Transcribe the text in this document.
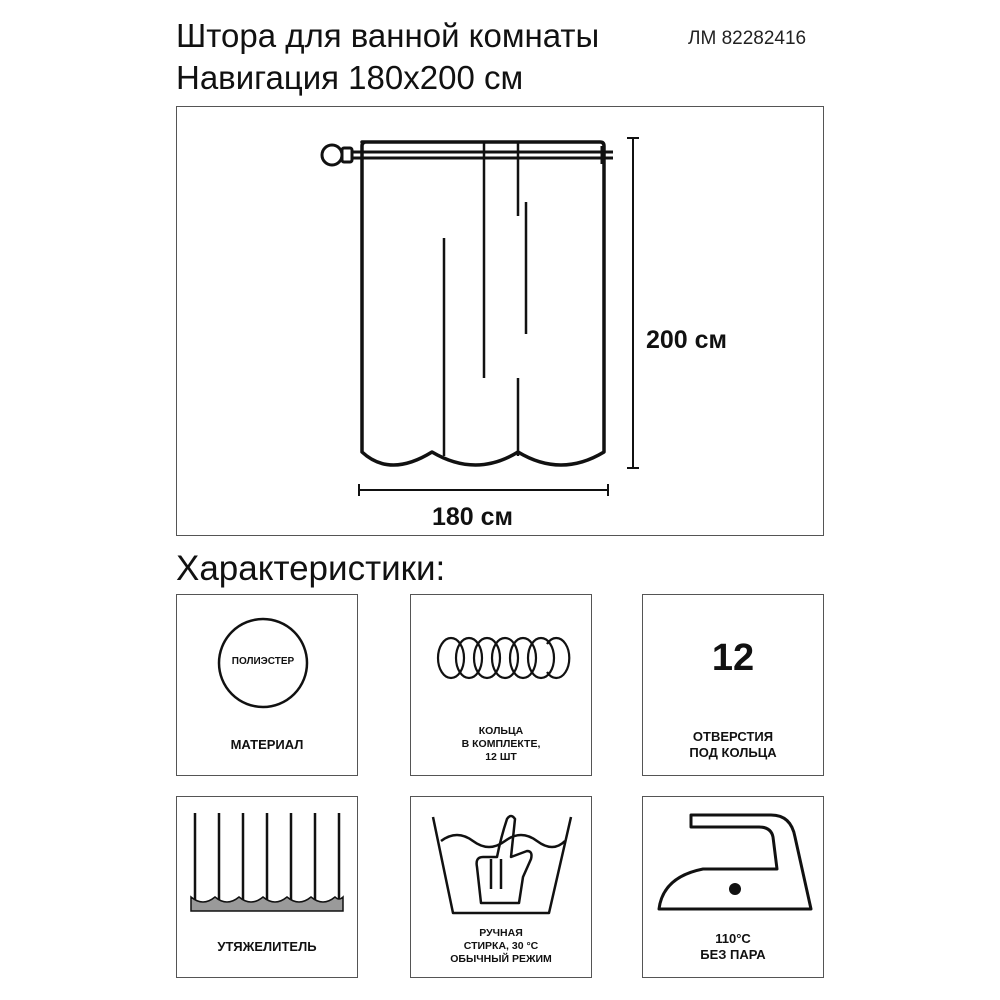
Штора для ванной комнаты
Навигация 180х200 см
ЛМ 82282416
200 см
180 см
Характеристики:
ПОЛИЭСТЕР
МАТЕРИАЛ
КОЛЬЦА
В КОМПЛЕКТЕ,
12 ШТ
12
ОТВЕРСТИЯ
ПОД КОЛЬЦА
УТЯЖЕЛИТЕЛЬ
РУЧНАЯ
СТИРКА, 30 °С
ОБЫЧНЫЙ РЕЖИМ
110°С
БЕЗ ПАРА
